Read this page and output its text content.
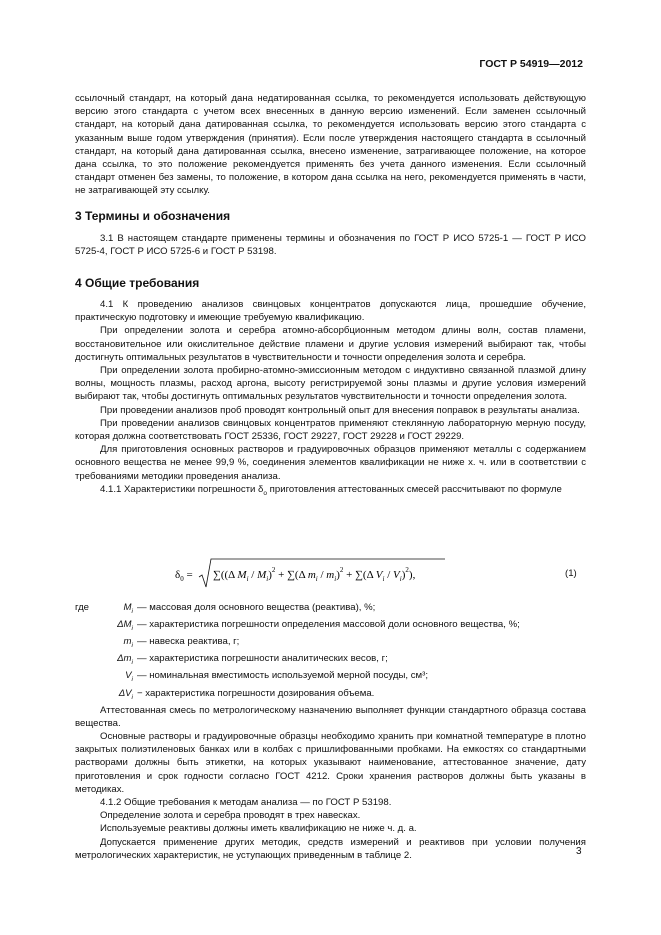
ГОСТ Р 54919—2012

ссылочный стандарт, на который дана недатированная ссылка, то рекомендуется использовать действующую версию этого стандарта с учетом всех внесенных в данную версию изменений. Если заменен ссылочный стандарт, на который дана датированная ссылка, то рекомендуется использовать версию этого стандарта с указанным выше годом утверждения (принятия). Если после утверждения настоящего стандарта в ссылочный стандарт, на который дана датированная ссылка, внесено изменение, затрагивающее положение, на которое дана ссылка, то это положение рекомендуется применять без учета данного изменения. Если ссылочный стандарт отменен без замены, то положение, в котором дана ссылка на него, рекомендуется применять в части, не затрагивающей эту ссылку.

3 Термины и обозначения

3.1 В настоящем стандарте применены термины и обозначения по ГОСТ Р ИСО 5725-1 — ГОСТ Р ИСО 5725-4, ГОСТ Р ИСО 5725-6 и ГОСТ Р 53198.

4 Общие требования

4.1 К проведению анализов свинцовых концентратов допускаются лица, прошедшие обучение, практическую подготовку и имеющие требуемую квалификацию.

При определении золота и серебра атомно-абсорбционным методом длины волн, состав пламени, восстановительное или окислительное действие пламени и другие условия измерений выбирают так, чтобы достигнуть оптимальных результатов в чувствительности и точности определения золота и серебра.

При определении золота пробирно-атомно-эмиссионным методом с индуктивно связанной плазмой длину волны, мощность плазмы, расход аргона, высоту регистрируемой зоны плазмы и другие условия измерений выбирают так, чтобы достигнуть оптимальных результатов чувствительности и точности определения золота.

При проведении анализов проб проводят контрольный опыт для внесения поправок в результаты анализа.

При проведении анализов свинцовых концентратов применяют стеклянную лабораторную мерную посуду, которая должна соответствовать ГОСТ 25336, ГОСТ 29227, ГОСТ 29228 и ГОСТ 29229.

Для приготовления основных растворов и градуировочных образцов применяют металлы с содержанием основного вещества не менее 99,9 %, соединения элементов квалификации не ниже х. ч. или в соответствии с требованиями методики проведения анализа.

4.1.1 Характеристики погрешности $\delta_о$ приготовления аттестованных смесей рассчитывают по формуле

$\delta_0 = \sum((\Delta$ $M_i / M_i)^2 + \sum(\Delta$ $m_i / m_i)^2 + \sum(\Delta$ $V_i / V_i)^2$),	(1)
где	$M_i$ — массовая доля основного вещества (реактива), %;
$\Delta M_i$ — характеристика погрешности определения массовой доли основного вещества, %;
$m_i$ — навеска реактива, г;
$\Delta m_i$ — характеристика погрешности аналитических весов, г;
$V_i$ — номинальная вместимость используемой мерной посуды, см³;
$\Delta V_i$ − характеристика погрешности дозирования объема.

Аттестованная смесь по метрологическому назначению выполняет функции стандартного образца состава вещества.

Основные растворы и градуировочные образцы необходимо хранить при комнатной температуре в плотно закрытых полиэтиленовых банках или в колбах с пришлифованными пробками. На емкостях со стандартными растворами должны быть этикетки, на которых указывают наименование, аттестованное значение, дату приготовления и срок годности согласно ГОСТ 4212. Сроки хранения растворов должны быть указаны в методиках.

4.1.2 Общие требования к методам анализа — по ГОСТ Р 53198.

Определение золота и серебра проводят в трех навесках.

Используемые реактивы должны иметь квалификацию не ниже ч. д. а.

Допускается применение других методик, средств измерений и реактивов при условии получения метрологических характеристик, не уступающих приведенным в таблице 2.	3
